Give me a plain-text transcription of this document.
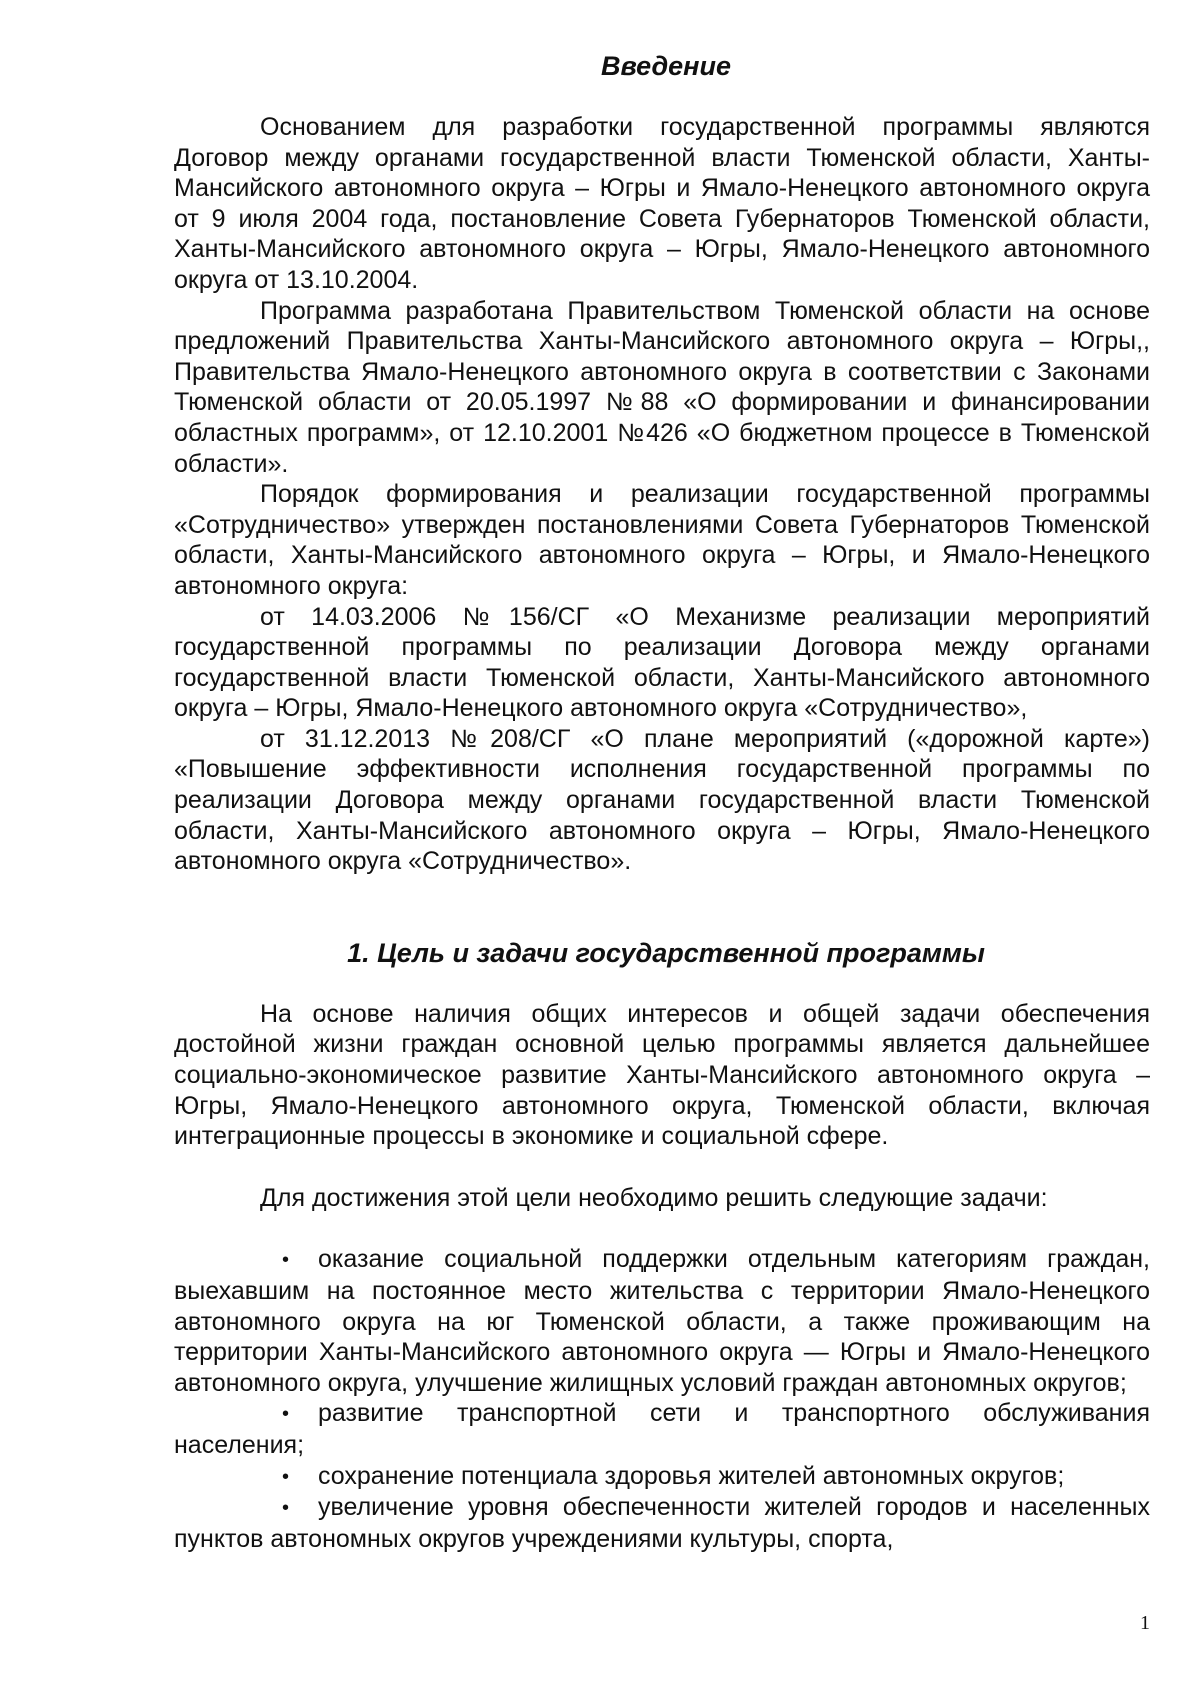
Введение

Основанием для разработки государственной программы являются Договор между органами государственной власти Тюменской области, Ханты-Мансийского автономного округа – Югры и Ямало-Ненецкого автономного округа от 9 июля 2004 года, постановление Совета Губернаторов Тюменской области, Ханты-Мансийского автономного округа – Югры, Ямало-Ненецкого автономного округа от 13.10.2004.

Программа разработана Правительством Тюменской области на основе предложений Правительства Ханты-Мансийского автономного округа – Югры,, Правительства Ямало-Ненецкого автономного округа в соответствии с Законами Тюменской области от 20.05.1997 №88 «О формировании и финансировании областных программ», от 12.10.2001 №426 «О бюджетном процессе в Тюменской области».

Порядок формирования и реализации государственной программы «Сотрудничество» утвержден постановлениями Совета Губернаторов Тюменской области, Ханты-Мансийского автономного округа – Югры, и Ямало-Ненецкого автономного округа:

от 14.03.2006 №156/СГ «О Механизме реализации мероприятий государственной программы по реализации Договора между органами государственной власти Тюменской области, Ханты-Мансийского автономного округа – Югры, Ямало-Ненецкого автономного округа «Сотрудничество»,

от 31.12.2013 №208/СГ «О плане мероприятий («дорожной карте») «Повышение эффективности исполнения государственной программы по реализации Договора между органами государственной власти Тюменской области, Ханты-Мансийского автономного округа – Югры, Ямало-Ненецкого автономного округа «Сотрудничество».

1. Цель и задачи государственной программы

На основе наличия общих интересов и общей задачи обеспечения достойной жизни граждан основной целью программы является дальнейшее социально-экономическое развитие Ханты-Мансийского автономного округа – Югры, Ямало-Ненецкого автономного округа, Тюменской области, включая интеграционные процессы в экономике и социальной сфере.

Для достижения этой цели необходимо решить следующие задачи:

• оказание социальной поддержки отдельным категориям граждан, выехавшим на постоянное место жительства с территории Ямало-Ненецкого автономного округа на юг Тюменской области, а также проживающим на территории Ханты-Мансийского автономного округа — Югры и Ямало-Ненецкого автономного округа, улучшение жилищных условий граждан автономных округов;
• развитие транспортной сети и транспортного обслуживания населения;
• сохранение потенциала здоровья жителей автономных округов;
• увеличение уровня обеспеченности жителей городов и населенных пунктов автономных округов учреждениями культуры, спорта,
1
